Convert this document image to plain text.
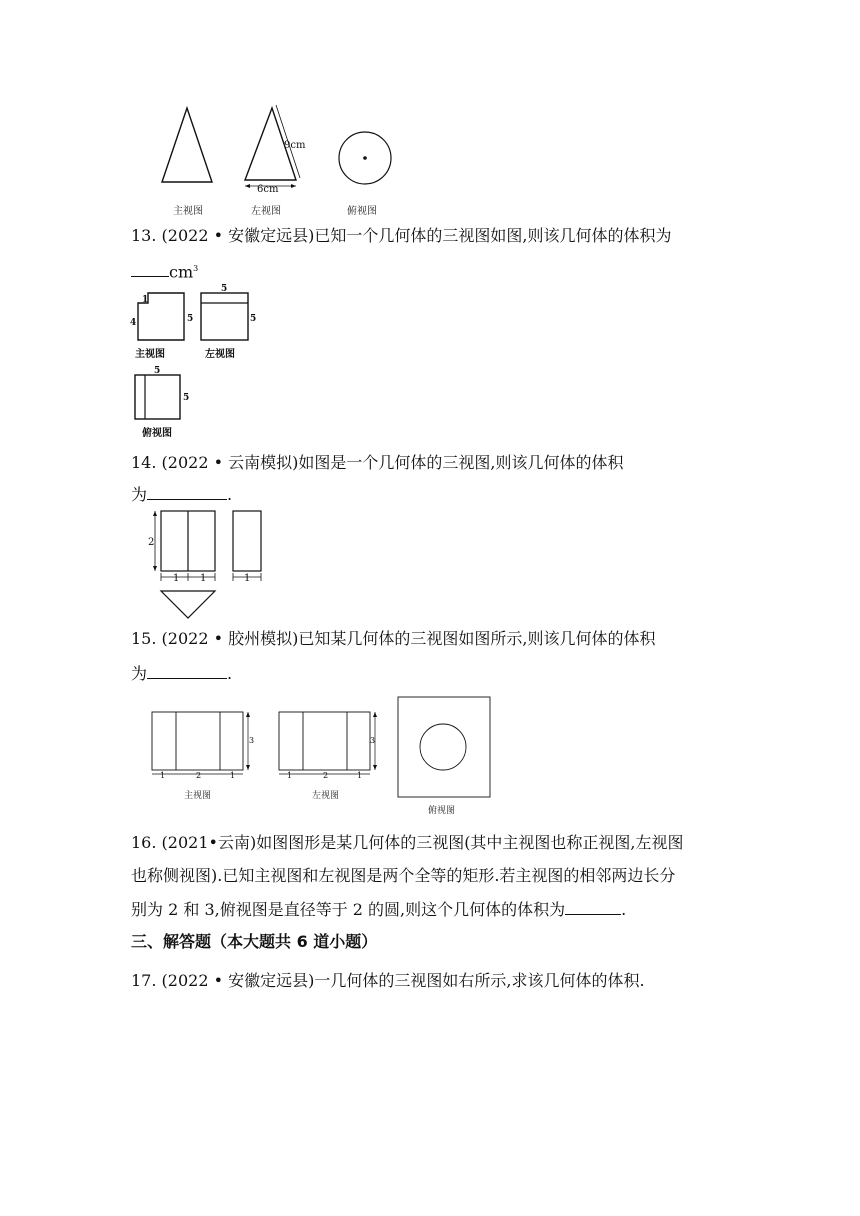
9cm
6cm
主视图	左视图	俯视图
13. (2022 • 安徽定远县)已知一个几何体的三视图如图,则该几何体的体积为
$cm^3$
1
4	5
5
5
5
5
主视图	左视图
俯视图
14. (2022 • 云南模拟)如图是一个几何体的三视图,则该几何体的体积
为	.
2
1 1	1
15. (2022 • 胶州模拟)已知某几何体的三视图如图所示,则该几何体的体积
为	.
3
1	2	1
3
1	2	1
主视图	左视图
俯视图
16. (2021•云南)如图图形是某几何体的三视图(其中主视图也称正视图,左视图
也称侧视图).已知主视图和左视图是两个全等的矩形.若主视图的相邻两边长分
别为 2 和 3,俯视图是直径等于 2 的圆,则这个几何体的体积为	.
三、解答题（本大题共 6 道小题）
17. (2022 • 安徽定远县)一几何体的三视图如右所示,求该几何体的体积.
